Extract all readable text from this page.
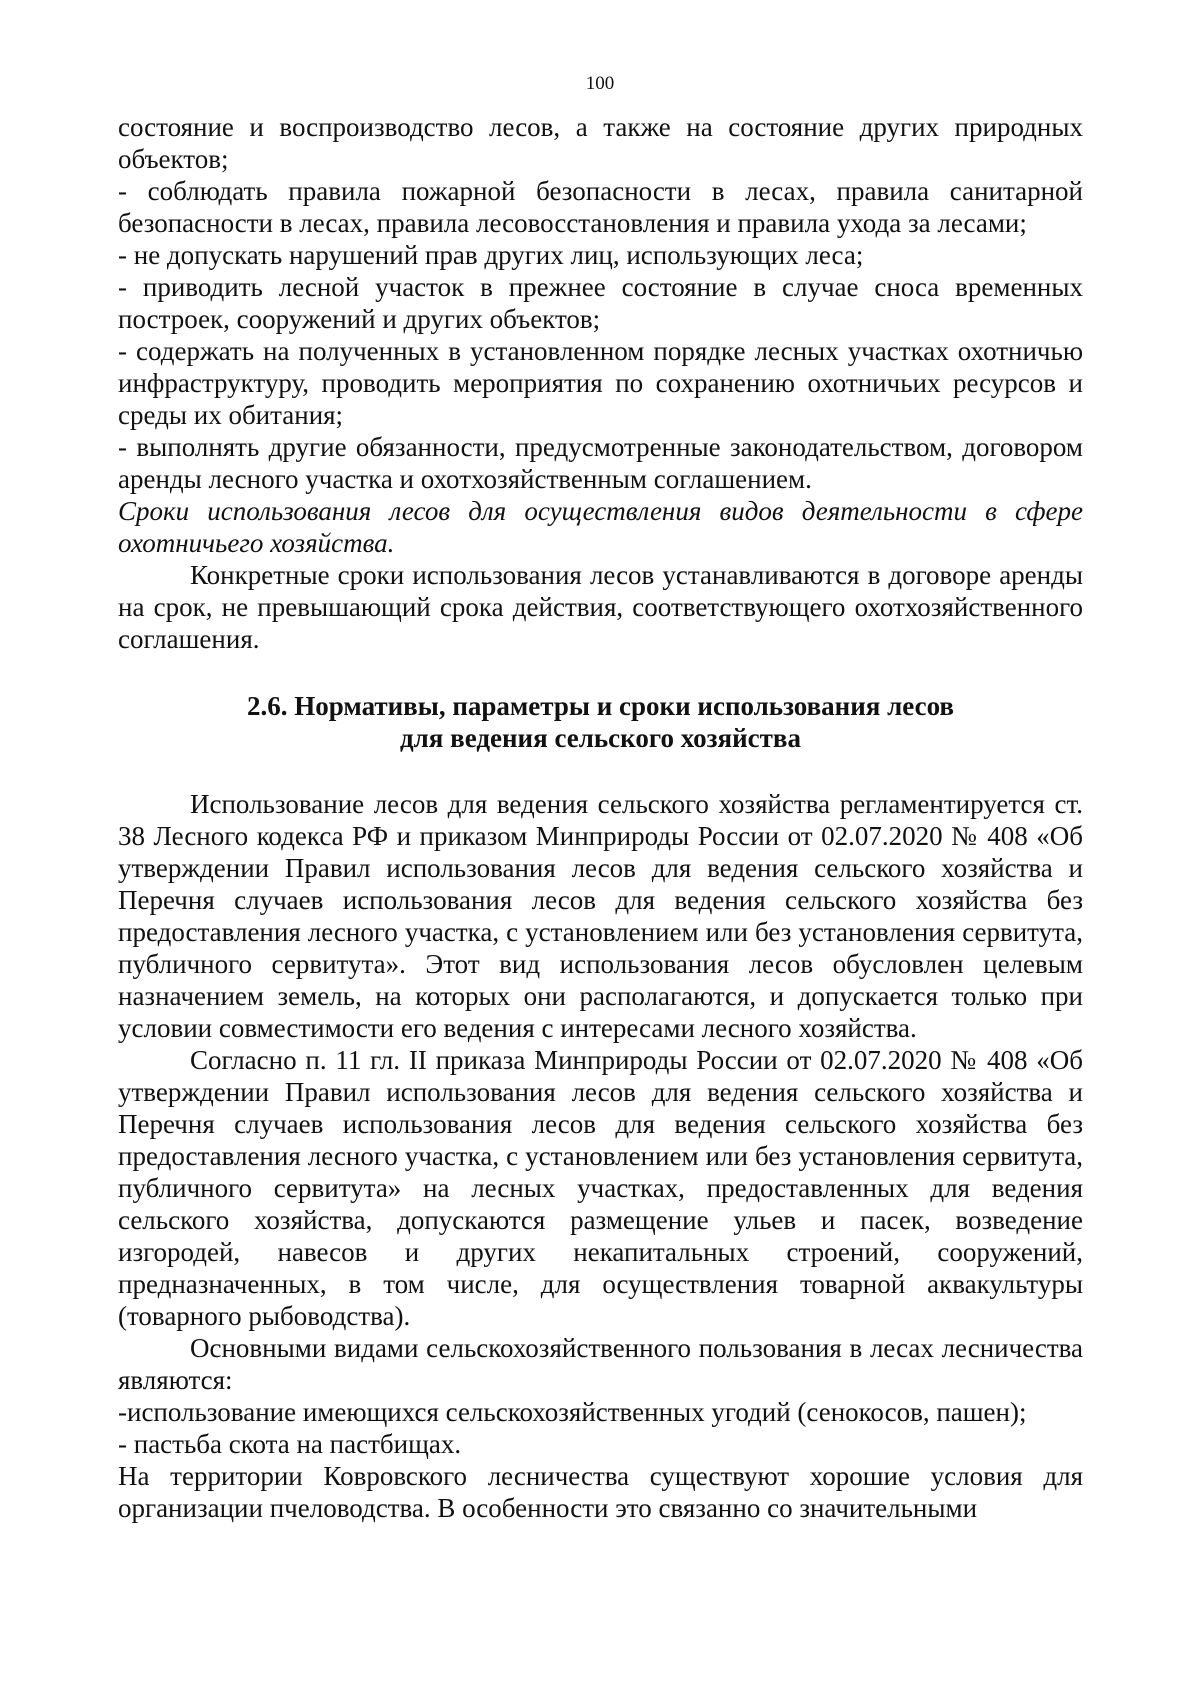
100

состояние и воспроизводство лесов, а также на состояние других природных объектов;

- соблюдать правила пожарной безопасности в лесах, правила санитарной безопасности в лесах, правила лесовосстановления и правила ухода за лесами;

- не допускать нарушений прав других лиц, использующих леса;

- приводить лесной участок в прежнее состояние в случае сноса временных построек, сооружений и других объектов;

- содержать на полученных в установленном порядке лесных участках охотничью инфраструктуру, проводить мероприятия по сохранению охотничьих ресурсов и среды их обитания;

- выполнять другие обязанности, предусмотренные законодательством, договором аренды лесного участка и охотхозяйственным соглашением.

Сроки использования лесов для осуществления видов деятельности в сфере охотничьего хозяйства.

Конкретные сроки использования лесов устанавливаются в договоре аренды на срок, не превышающий срока действия, соответствующего охотхозяйственного соглашения.

2.6. Нормативы, параметры и сроки использования лесов
для ведения сельского хозяйства

Использование лесов для ведения сельского хозяйства регламентируется ст. 38 Лесного кодекса РФ и приказом Минприроды России от 02.07.2020 № 408 «Об утверждении Правил использования лесов для ведения сельского хозяйства и Перечня случаев использования лесов для ведения сельского хозяйства без предоставления лесного участка, с установлением или без установления сервитута, публичного сервитута». Этот вид использования лесов обусловлен целевым назначением земель, на которых они располагаются, и допускается только при условии совместимости его ведения с интересами лесного хозяйства.

Согласно п. 11 гл. II приказа Минприроды России от 02.07.2020 № 408 «Об утверждении Правил использования лесов для ведения сельского хозяйства и Перечня случаев использования лесов для ведения сельского хозяйства без предоставления лесного участка, с установлением или без установления сервитута, публичного сервитута» на лесных участках, предоставленных для ведения сельского хозяйства, допускаются размещение ульев и пасек, возведение изгородей, навесов и других некапитальных строений, сооружений, предназначенных, в том числе, для осуществления товарной аквакультуры (товарного рыбоводства).

Основными видами сельскохозяйственного пользования в лесах лесничества являются:

-использование имеющихся сельскохозяйственных угодий (сенокосов, пашен);

- пастьба скота на пастбищах.

На территории Ковровского лесничества существуют хорошие условия для организации пчеловодства. В особенности это связанно со значительными
